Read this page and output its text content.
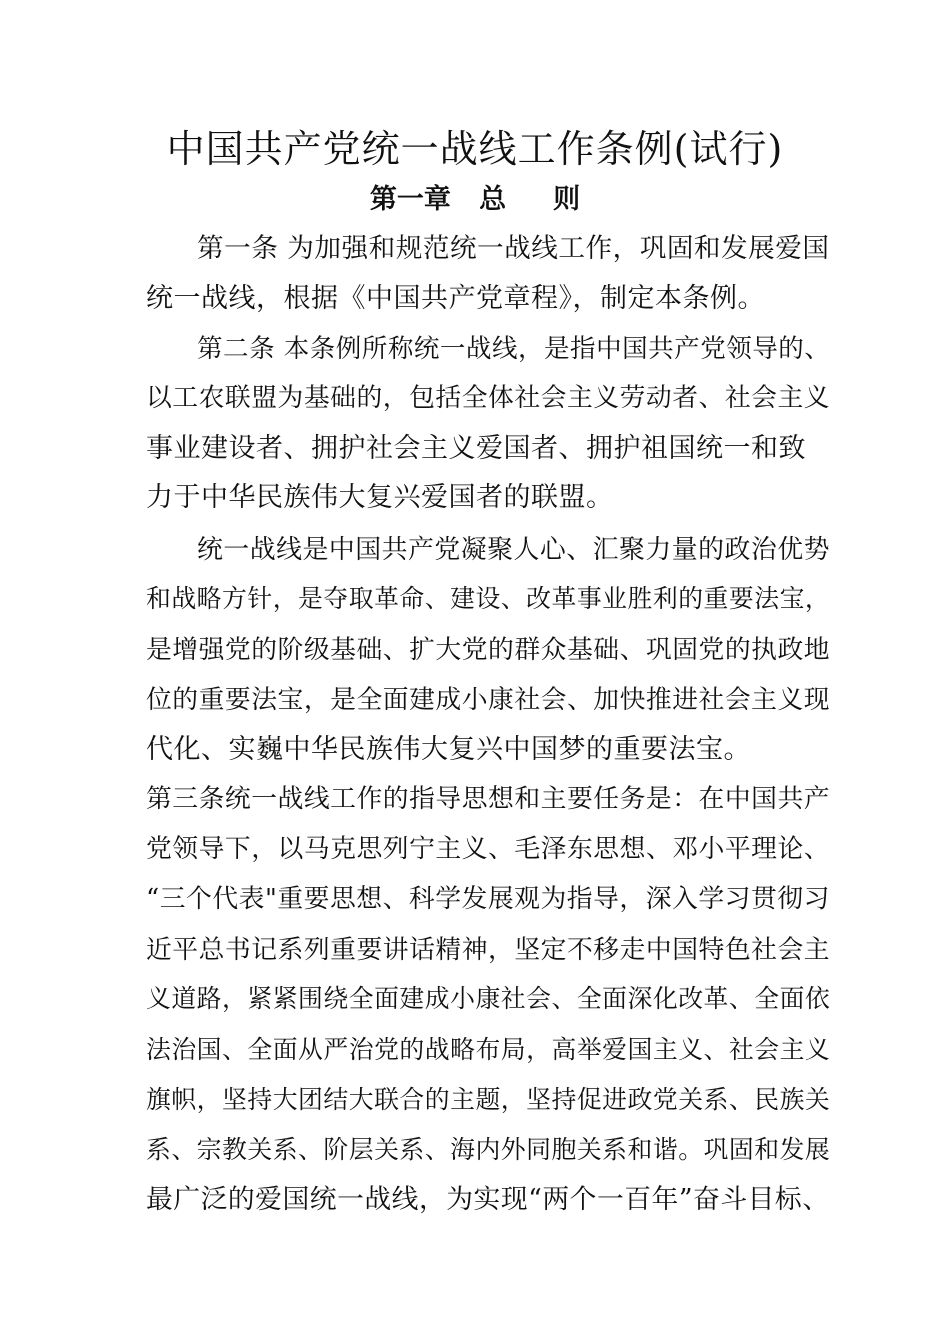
中国共产党统一战线工作条例(试行)
第一章   总     则
第一条 为加强和规范统一战线工作，巩固和发展爱国
统一战线，根据《中国共产党章程》，制定本条例。
第二条 本条例所称统一战线，是指中国共产党领导的、
以工农联盟为基础的，包括全体社会主义劳动者、社会主义
事业建设者、拥护社会主义爱国者、拥护祖国统一和致
力于中华民族伟大复兴爱国者的联盟。
统一战线是中国共产党凝聚人心、汇聚力量的政治优势
和战略方针，是夺取革命、建设、改革事业胜利的重要法宝，
是增强党的阶级基础、扩大党的群众基础、巩固党的执政地
位的重要法宝，是全面建成小康社会、加快推进社会主义现
代化、实巍中华民族伟大复兴中国梦的重要法宝。
第三条统一战线工作的指导思想和主要任务是：在中国共产
党领导下，以马克思列宁主义、毛泽东思想、邓小平理论、
“三个代表"重要思想、科学发展观为指导，深入学习贯彻习
近平总书记系列重要讲话精神，坚定不移走中国特色社会主
义道路，紧紧围绕全面建成小康社会、全面深化改革、全面依
法治国、全面从严治党的战略布局，高举爱国主义、社会主义
旗帜，坚持大团结大联合的主题，坚持促进政党关系、民族关
系、宗教关系、阶层关系、海内外同胞关系和谐。巩固和发展
最广泛的爱国统一战线，为实现“两个一百年”奋斗目标、
